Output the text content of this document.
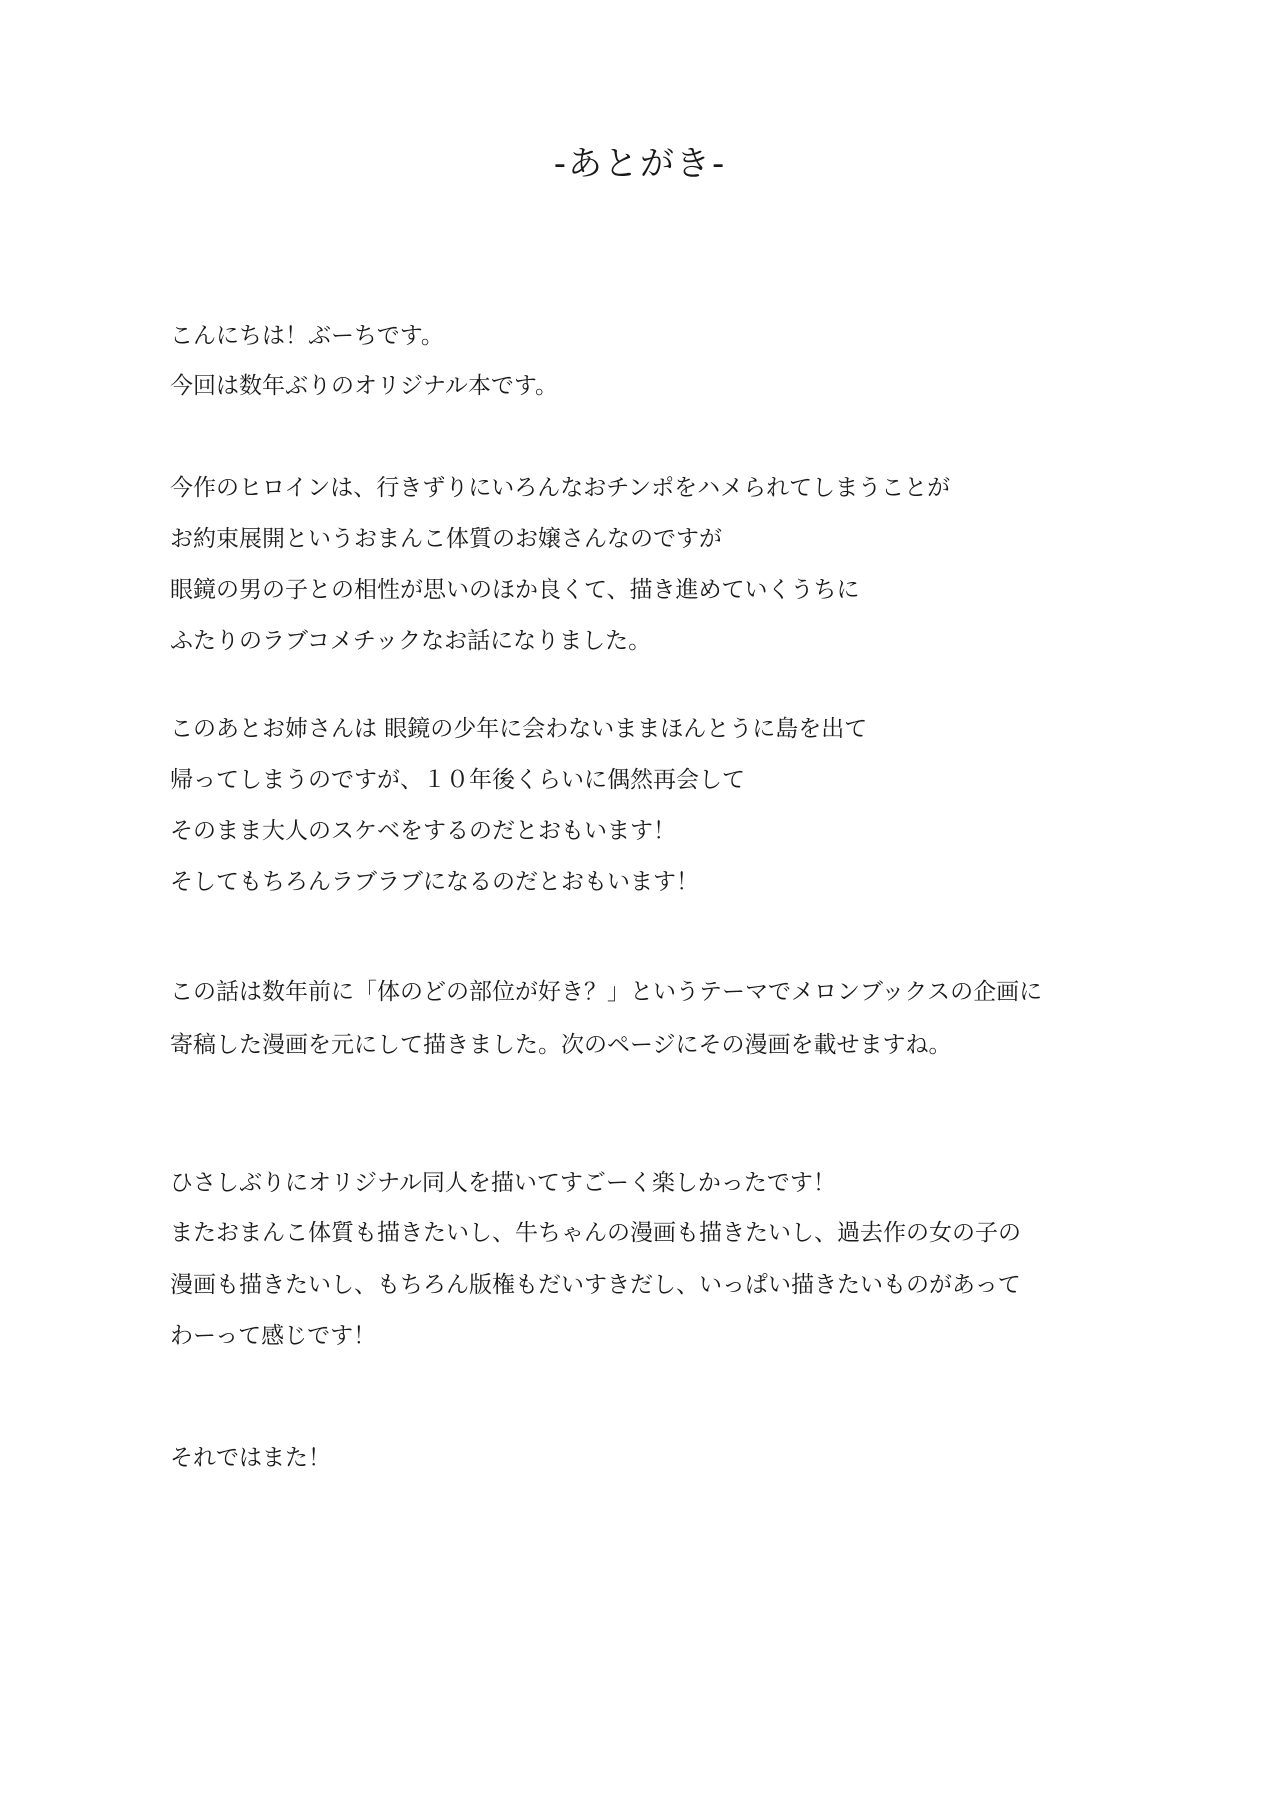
-あとがき-
こんにちは！ぶーちです。
今回は数年ぶりのオリジナル本です。
今作のヒロインは、行きずりにいろんなおチンポをハメられてしまうことが
お約束展開というおまんこ体質のお嬢さんなのですが
眼鏡の男の子との相性が思いのほか良くて、描き進めていくうちに
ふたりのラブコメチックなお話になりました。
このあとお姉さんは 眼鏡の少年に会わないままほんとうに島を出て
帰ってしまうのですが、１０年後くらいに偶然再会して
そのまま大人のスケベをするのだとおもいます！
そしてもちろんラブラブになるのだとおもいます！
この話は数年前に「体のどの部位が好き？」というテーマでメロンブックスの企画に
寄稿した漫画を元にして描きました。次のページにその漫画を載せますね。
ひさしぶりにオリジナル同人を描いてすごーく楽しかったです！
またおまんこ体質も描きたいし、牛ちゃんの漫画も描きたいし、過去作の女の子の
漫画も描きたいし、もちろん版権もだいすきだし、いっぱい描きたいものがあって
わーって感じです！
それではまた！
